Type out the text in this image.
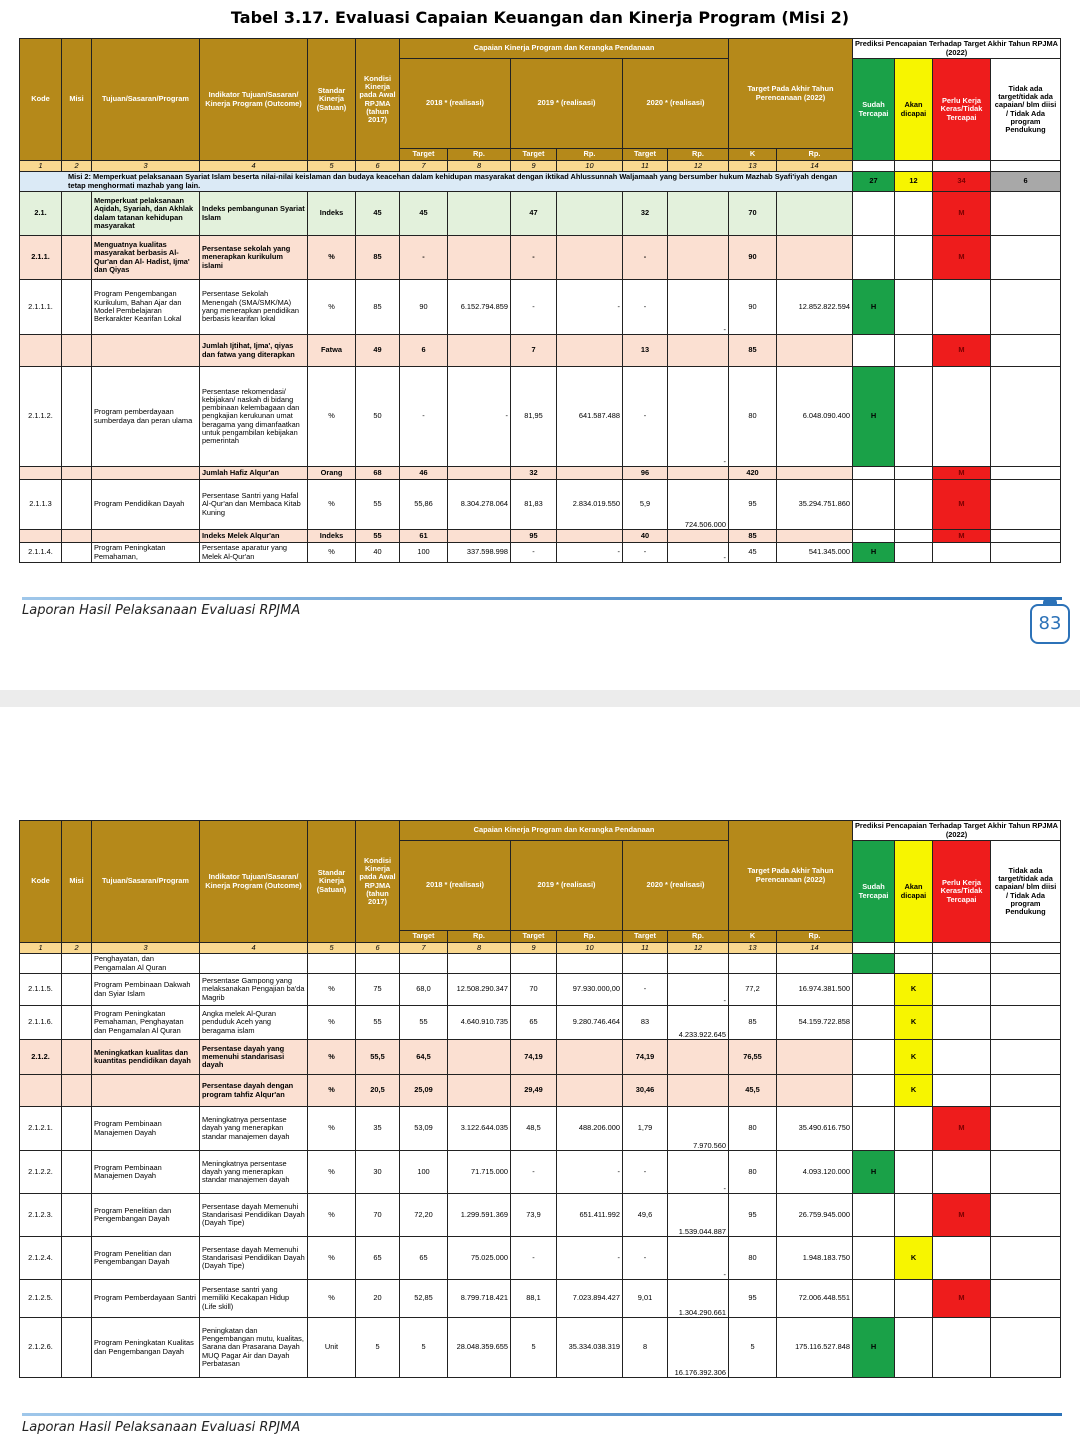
Tabel 3.17. Evaluasi Capaian Keuangan dan Kinerja Program (Misi 2)
Kode	Misi	Tujuan/Sasaran/Program	Indikator Tujuan/Sasaran/ Kinerja Program (Outcome)	Standar Kinerja (Satuan)	Kondisi Kinerja pada Awal RPJMA (tahun 2017)	Capaian Kinerja Program dan Kerangka Pendanaan						Target Pada Akhir Tahun Perencanaan (2022)		Prediksi Pencapaian Terhadap Target Akhir Tahun RPJMA (2022)			
						2018 * (realisasi)		2019 * (realisasi)		2020 * (realisasi)				Sudah Tercapai	Akan dicapai	Perlu Kerja Keras/Tidak Tercapai	Tidak ada target/tidak ada capaian/ blm diisi / Tidak Ada program Pendukung
						Target	Rp.	Target	Rp.	Target	Rp.	K	Rp.				
1	2	3	4	5	6	7	8	9	10	11	12	13	14				
Misi 2: Memperkuat pelaksanaan Syariat Islam beserta nilai-nilai keislaman dan budaya keacehan dalam kehidupan masyarakat dengan iktikad Ahlussunnah Waljamaah yang bersumber hukum Mazhab Syafi'iyah dengan tetap menghormati mazhab yang lain.														27	12	34	6
2.1.		Memperkuat pelaksanaan Aqidah, Syariah, dan Akhlak dalam tatanan kehidupan masyarakat	Indeks pembangunan Syariat Islam	Indeks	45	45		47		32		70				M	
2.1.1.		Menguatnya kualitas masyarakat berbasis Al-Qur'an dan Al- Hadist, Ijma' dan Qiyas	Persentase sekolah yang menerapkan kurikulum islami	%	85	-		-		-		90				M	
2.1.1.1.		Program Pengembangan Kurikulum, Bahan Ajar dan Model Pembelajaran Berkarakter Kearifan Lokal	Persentase Sekolah Menengah (SMA/SMK/MA) yang menerapkan pendidikan berbasis kearifan lokal	%	85	90	6.152.794.859	-	-	-	-	90	12.852.822.594	H			
			Jumlah Ijtihat, Ijma', qiyas dan fatwa yang diterapkan	Fatwa	49	6		7		13		85				M	
2.1.1.2.		Program pemberdayaan sumberdaya dan peran ulama	Persentase rekomendasi/ kebijakan/ naskah di bidang pembinaan kelembagaan dan pengkajian kerukunan umat beragama yang dimanfaatkan untuk pengambilan kebijakan pemerintah	%	50	-	-	81,95	641.587.488	-	-	80	6.048.090.400	H			
			Jumlah Hafiz Alqur'an	Orang	68	46		32		96		420				M	
2.1.1.3		Program Pendidikan Dayah	Persentase Santri yang Hafal Al-Qur'an dan Membaca Kitab Kuning	%	55	55,86	8.304.278.064	81,83	2.834.019.550	5,9	724.506.000	95	35.294.751.860			M	
			Indeks Melek Alqur'an	Indeks	55	61		95		40		85				M	
2.1.1.4.		Program Peningkatan Pemahaman,	Persentase aparatur yang Melek Al-Qur'an	%	40	100	337.598.998	-	-	-	-	45	541.345.000	H			
Laporan Hasil Pelaksanaan Evaluasi RPJMA
83
Kode	Misi	Tujuan/Sasaran/Program	Indikator Tujuan/Sasaran/ Kinerja Program (Outcome)	Standar Kinerja (Satuan)	Kondisi Kinerja pada Awal RPJMA (tahun 2017)	Capaian Kinerja Program dan Kerangka Pendanaan						Target Pada Akhir Tahun Perencanaan (2022)		Prediksi Pencapaian Terhadap Target Akhir Tahun RPJMA (2022)			
						2018 * (realisasi)		2019 * (realisasi)		2020 * (realisasi)				Sudah Tercapai	Akan dicapai	Perlu Kerja Keras/Tidak Tercapai	Tidak ada target/tidak ada capaian/ blm diisi / Tidak Ada program Pendukung
						Target	Rp.	Target	Rp.	Target	Rp.	K	Rp.				
1	2	3	4	5	6	7	8	9	10	11	12	13	14				
		Penghayatan, dan Pengamalan Al Quran															
2.1.1.5.		Program Pembinaan Dakwah dan Syiar Islam	Persentase Gampong yang melaksanakan Pengajian ba'da Magrib	%	75	68,0	12.508.290.347	70	97.930.000,00	-	-	77,2	16.974.381.500		K		
2.1.1.6.		Program Peningkatan Pemahaman, Penghayatan dan Pengamalan Al Quran	Angka melek Al-Quran penduduk Aceh yang beragama islam	%	55	55	4.640.910.735	65	9.280.746.464	83	4.233.922.645	85	54.159.722.858		K		
2.1.2.		Meningkatkan kualitas dan kuantitas pendidikan dayah	Persentase dayah yang memenuhi standarisasi dayah	%	55,5	64,5		74,19		74,19		76,55			K		
			Persentase dayah dengan program tahfiz Alqur'an	%	20,5	25,09		29,49		30,46		45,5			K		
2.1.2.1.		Program Pembinaan Manajemen Dayah	Meningkatnya persentase dayah yang menerapkan standar manajemen dayah	%	35	53,09	3.122.644.035	48,5	488.206.000	1,79	7.970.560	80	35.490.616.750			M	
2.1.2.2.		Program Pembinaan Manajemen Dayah	Meningkatnya persentase dayah yang menerapkan standar manajemen dayah	%	30	100	71.715.000	-	-	-	-	80	4.093.120.000	H			
2.1.2.3.		Program Penelitian dan Pengembangan Dayah	Persentase dayah Memenuhi Standarisasi Pendidikan Dayah (Dayah Tipe)	%	70	72,20	1.299.591.369	73,9	651.411.992	49,6	1.539.044.887	95	26.759.945.000			M	
2.1.2.4.		Program Penelitian dan Pengembangan Dayah	Persentase dayah Memenuhi Standarisasi Pendidikan Dayah (Dayah Tipe)	%	65	65	75.025.000	-	-	-	-	80	1.948.183.750		K		
2.1.2.5.		Program Pemberdayaan Santri	Persentase santri yang memiliki Kecakapan Hidup (Life skill)	%	20	52,85	8.799.718.421	88,1	7.023.894.427	9,01	1.304.290.661	95	72.006.448.551			M	
2.1.2.6.		Program Peningkatan Kualitas dan Pengembangan Dayah	Peningkatan dan Pengembangan mutu, kualitas, Sarana dan Prasarana Dayah MUQ Pagar Air dan Dayah Perbatasan	Unit	5	5	28.048.359.655	5	35.334.038.319	8	16.176.392.306	5	175.116.527.848	H			
Laporan Hasil Pelaksanaan Evaluasi RPJMA
